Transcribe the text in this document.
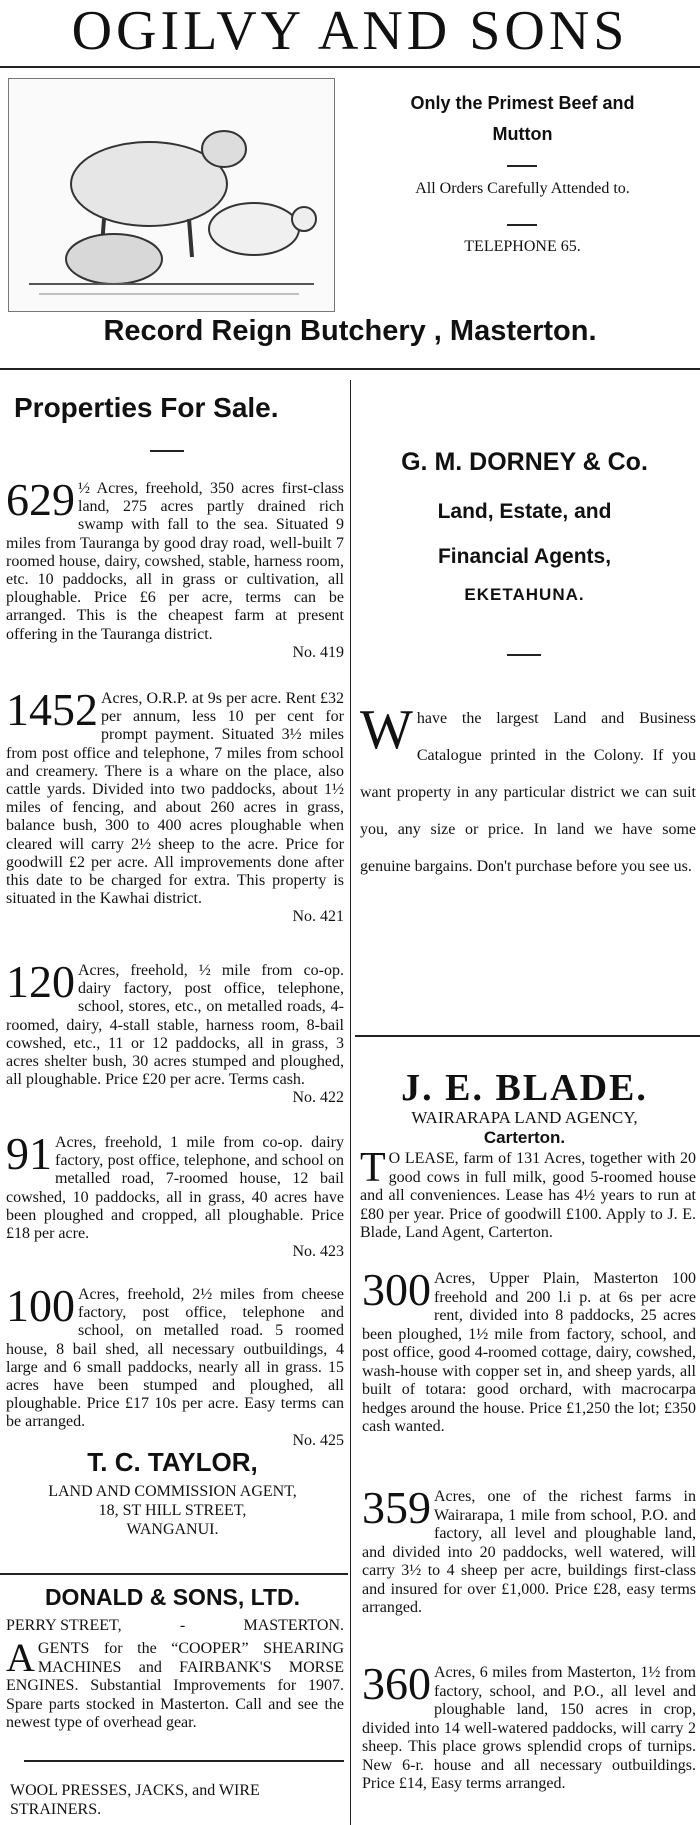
OGILVY AND SONS
Only the Primest Beef and
Mutton
All Orders Carefully Attended to.
TELEPHONE 65.
Record Reign Butchery , Masterton.
Properties For Sale.
629 ½ Acres, freehold, 350 acres first-class land, 275 acres partly drained rich swamp with fall to the sea. Situated 9 miles from Tauranga by good dray road, well-built 7 roomed house, dairy, cowshed, stable, harness room, etc. 10 paddocks, all in grass or cultivation, all ploughable. Price £6 per acre, terms can be arranged. This is the cheapest farm at present offering in the Tauranga district.
No. 419
1452 Acres, O.R.P. at 9s per acre. Rent £32 per annum, less 10 per cent for prompt payment. Situated 3½ miles from post office and telephone, 7 miles from school and creamery. There is a whare on the place, also cattle yards. Divided into two paddocks, about 1½ miles of fencing, and about 260 acres in grass, balance bush, 300 to 400 acres ploughable when cleared will carry 2½ sheep to the acre. Price for goodwill £2 per acre. All improvements done after this date to be charged for extra. This property is situated in the Kawhai district.
No. 421
120 Acres, freehold, ½ mile from co-op. dairy factory, post office, telephone, school, stores, etc., on metalled roads, 4-roomed, dairy, 4-stall stable, harness room, 8-bail cowshed, etc., 11 or 12 paddocks, all in grass, 3 acres shelter bush, 30 acres stumped and ploughed, all ploughable. Price £20 per acre. Terms cash.
No. 422
91 Acres, freehold, 1 mile from co-op. dairy factory, post office, telephone, and school on metalled road, 7-roomed house, 12 bail cowshed, 10 paddocks, all in grass, 40 acres have been ploughed and cropped, all ploughable. Price £18 per acre.
No. 423
100 Acres, freehold, 2½ miles from cheese factory, post office, telephone and school, on metalled road. 5 roomed house, 8 bail shed, all necessary outbuildings, 4 large and 6 small paddocks, nearly all in grass. 15 acres have been stumped and ploughed, all ploughable. Price £17 10s per acre. Easy terms can be arranged.
No. 425
T. C. TAYLOR,
LAND AND COMMISSION AGENT,
18, ST HILL STREET,
WANGANUI.
DONALD & SONS, LTD.
PERRY STREET,	-	MASTERTON.
A GENTS for the “COOPER” SHEARING MACHINES and FAIRBANK'S MORSE ENGINES. Substantial Improvements for 1907. Spare parts stocked in Masterton. Call and see the newest type of overhead gear.
WOOL PRESSES, JACKS, and WIRE STRAINERS.
G. M. DORNEY & Co.
Land, Estate, and
Financial Agents,
EKETAHUNA.
W have the largest Land and Business Catalogue printed in the Colony. If you want property in any particular district we can suit you, any size or price. In land we have some genuine bargains. Don't purchase before you see us.
J. E. BLADE.
WAIRARAPA LAND AGENCY,
Carterton.
T O LEASE, farm of 131 Acres, together with 20 good cows in full milk, good 5-roomed house and all conveniences. Lease has 4½ years to run at £80 per year. Price of goodwill £100. Apply to J. E. Blade, Land Agent, Carterton.
300 Acres, Upper Plain, Masterton 100 freehold and 200 l.i p. at 6s per acre rent, divided into 8 paddocks, 25 acres been ploughed, 1½ mile from factory, school, and post office, good 4-roomed cottage, dairy, cowshed, wash-house with copper set in, and sheep yards, all built of totara: good orchard, with macrocarpa hedges around the house. Price £1,250 the lot; £350 cash wanted.
359 Acres, one of the richest farms in Wairarapa, 1 mile from school, P.O. and factory, all level and ploughable land, and divided into 20 paddocks, well watered, will carry 3½ to 4 sheep per acre, buildings first-class and insured for over £1,000. Price £28, easy terms arranged.
360 Acres, 6 miles from Masterton, 1½ from factory, school, and P.O., all level and ploughable land, 150 acres in crop, divided into 14 well-watered paddocks, will carry 2 sheep. This place grows splendid crops of turnips. New 6-r. house and all necessary outbuildings. Price £14, Easy terms arranged.
